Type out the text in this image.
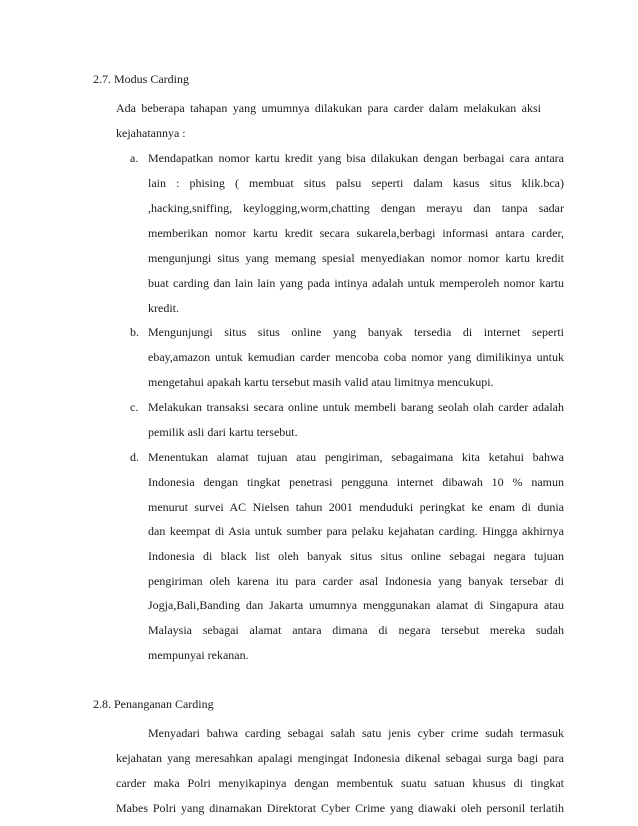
2.7. Modus Carding
Ada beberapa tahapan yang umumnya dilakukan para carder dalam melakukan aksi
kejahatannya :
a. Mendapatkan nomor kartu kredit yang bisa dilakukan dengan berbagai cara antara
lain : phising ( membuat situs palsu seperti dalam kasus situs klik.bca)
,hacking,sniffing, keylogging,worm,chatting dengan merayu dan tanpa sadar
memberikan nomor kartu kredit secara sukarela,berbagi informasi antara carder,
mengunjungi situs yang memang spesial menyediakan nomor nomor kartu kredit
buat carding dan lain lain yang pada intinya adalah untuk memperoleh nomor kartu
kredit.
b. Mengunjungi situs situs online yang banyak tersedia di internet seperti
ebay,amazon untuk kemudian carder mencoba coba nomor yang dimilikinya untuk
mengetahui apakah kartu tersebut masih valid atau limitnya mencukupi.
c. Melakukan transaksi secara online untuk membeli barang seolah olah carder adalah
pemilik asli dari kartu tersebut.
d. Menentukan alamat tujuan atau pengiriman, sebagaimana kita ketahui bahwa
Indonesia dengan tingkat penetrasi pengguna internet dibawah 10 % namun
menurut survei AC Nielsen tahun 2001 menduduki peringkat ke enam di dunia
dan keempat di Asia untuk sumber para pelaku kejahatan carding. Hingga akhirnya
Indonesia di black list oleh banyak situs situs online sebagai negara tujuan
pengiriman oleh karena itu para carder asal Indonesia yang banyak tersebar di
Jogja,Bali,Banding dan Jakarta umumnya menggunakan alamat di Singapura atau
Malaysia sebagai alamat antara dimana di negara tersebut mereka sudah
mempunyai rekanan.
2.8. Penanganan Carding
Menyadari bahwa carding sebagai salah satu jenis cyber crime sudah termasuk
kejahatan yang meresahkan apalagi mengingat Indonesia dikenal sebagai surga bagi para
carder maka Polri menyikapinya dengan membentuk suatu satuan khusus di tingkat
Mabes Polri yang dinamakan Direktorat Cyber Crime yang diawaki oleh personil terlatih
